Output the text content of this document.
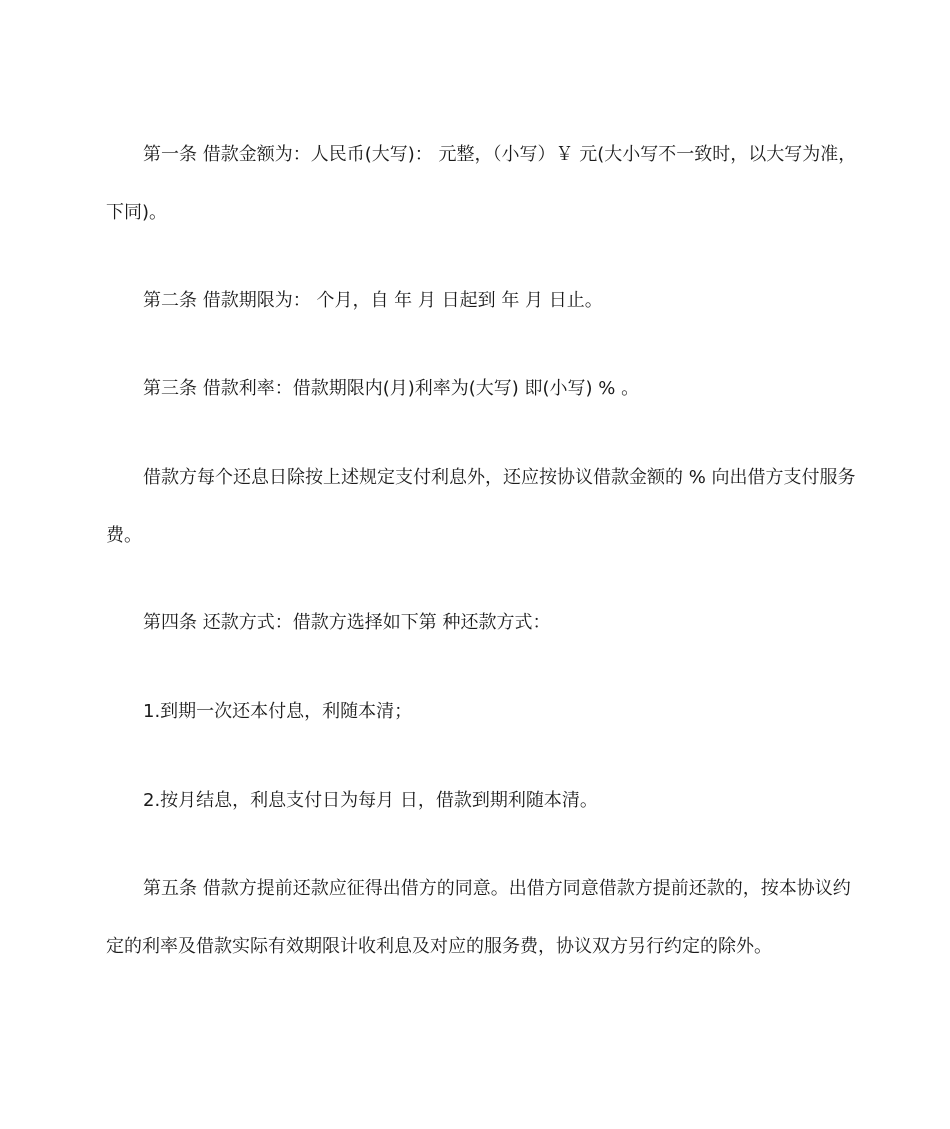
第一条 借款金额为：人民币(大写)： 元整，（小写）￥ 元(大小写不一致时，以大写为准，下同)。

第二条 借款期限为： 个月，自 年 月 日起到 年 月 日止。

第三条 借款利率：借款期限内(月)利率为(大写) 即(小写) % 。

借款方每个还息日除按上述规定支付利息外，还应按协议借款金额的 % 向出借方支付服务费。

第四条 还款方式：借款方选择如下第 种还款方式：

1.到期一次还本付息，利随本清；

2.按月结息，利息支付日为每月 日，借款到期利随本清。

第五条 借款方提前还款应征得出借方的同意。出借方同意借款方提前还款的，按本协议约定的利率及借款实际有效期限计收利息及对应的服务费，协议双方另行约定的除外。
